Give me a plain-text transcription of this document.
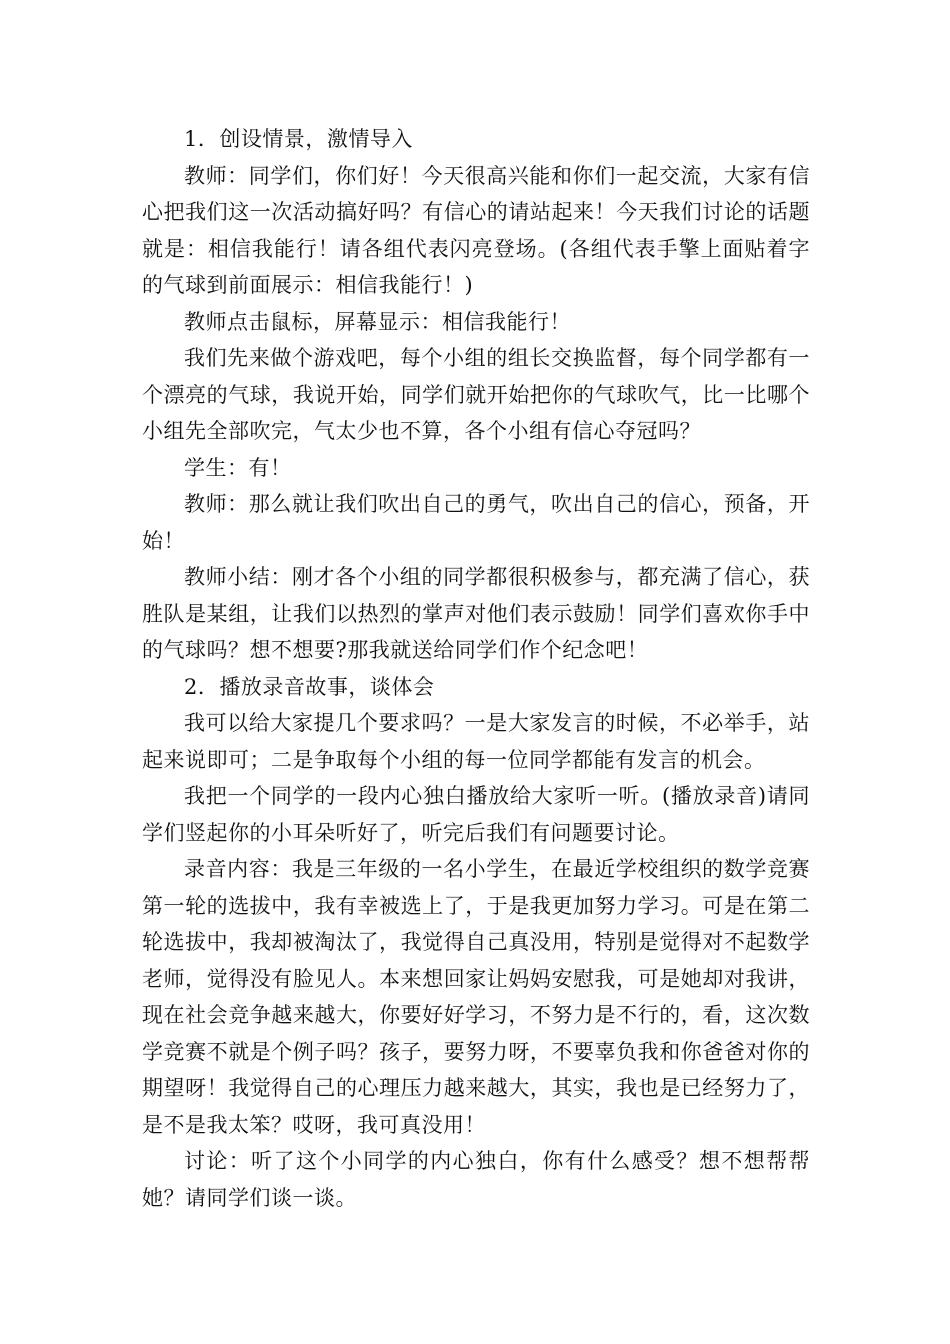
1．创设情景，激情导入

教师：同学们，你们好！今天很高兴能和你们一起交流，大家有信心把我们这一次活动搞好吗？有信心的请站起来！今天我们讨论的话题就是：相信我能行！请各组代表闪亮登场。(各组代表手擎上面贴着字的气球到前面展示：相信我能行！)

教师点击鼠标，屏幕显示：相信我能行！

我们先来做个游戏吧，每个小组的组长交换监督，每个同学都有一个漂亮的气球，我说开始，同学们就开始把你的气球吹气，比一比哪个小组先全部吹完，气太少也不算，各个小组有信心夺冠吗？

学生：有！

教师：那么就让我们吹出自己的勇气，吹出自己的信心，预备，开始！

教师小结：刚才各个小组的同学都很积极参与，都充满了信心，获胜队是某组，让我们以热烈的掌声对他们表示鼓励！同学们喜欢你手中的气球吗？想不想要?那我就送给同学们作个纪念吧！

2．播放录音故事，谈体会

我可以给大家提几个要求吗？一是大家发言的时候，不必举手，站起来说即可；二是争取每个小组的每一位同学都能有发言的机会。

我把一个同学的一段内心独白播放给大家听一听。(播放录音)请同学们竖起你的小耳朵听好了，听完后我们有问题要讨论。

录音内容：我是三年级的一名小学生，在最近学校组织的数学竞赛第一轮的选拔中，我有幸被选上了，于是我更加努力学习。可是在第二轮选拔中，我却被淘汰了，我觉得自己真没用，特别是觉得对不起数学老师，觉得没有脸见人。本来想回家让妈妈安慰我，可是她却对我讲，现在社会竞争越来越大，你要好好学习，不努力是不行的，看，这次数学竞赛不就是个例子吗？孩子，要努力呀，不要辜负我和你爸爸对你的期望呀！我觉得自己的心理压力越来越大，其实，我也是已经努力了，是不是我太笨？哎呀，我可真没用！

讨论：听了这个小同学的内心独白，你有什么感受？想不想帮帮她？请同学们谈一谈。
